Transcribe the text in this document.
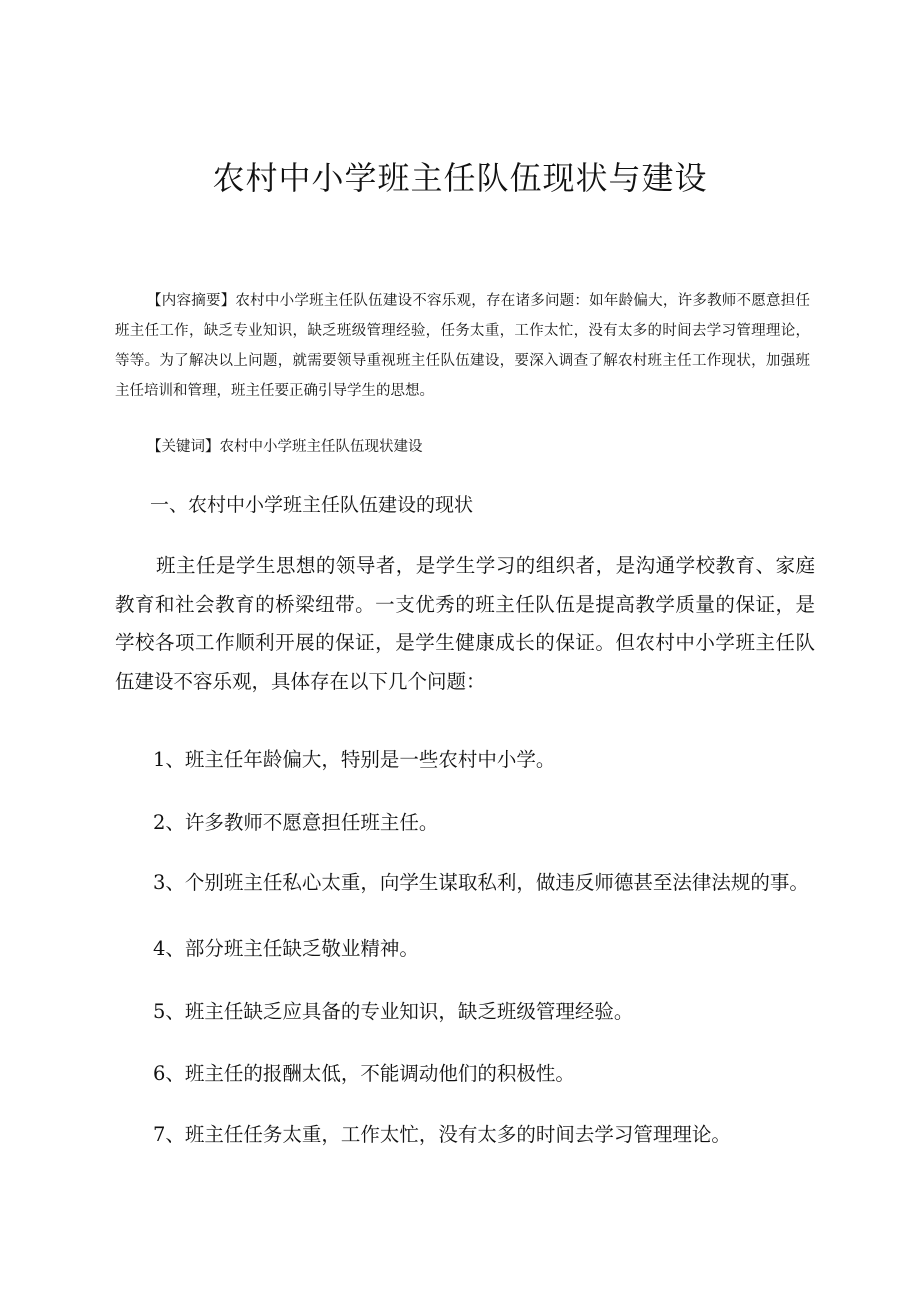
农村中小学班主任队伍现状与建设

【内容摘要】农村中小学班主任队伍建设不容乐观，存在诸多问题：如年龄偏大，许多教师不愿意担任班主任工作，缺乏专业知识，缺乏班级管理经验，任务太重，工作太忙，没有太多的时间去学习管理理论，等等。为了解决以上问题，就需要领导重视班主任队伍建设，要深入调查了解农村班主任工作现状，加强班主任培训和管理，班主任要正确引导学生的思想。

【关键词】农村中小学班主任队伍现状建设

一、农村中小学班主任队伍建设的现状

班主任是学生思想的领导者，是学生学习的组织者，是沟通学校教育、家庭教育和社会教育的桥梁纽带。一支优秀的班主任队伍是提高教学质量的保证，是学校各项工作顺利开展的保证，是学生健康成长的保证。但农村中小学班主任队伍建设不容乐观，具体存在以下几个问题：

1、班主任年龄偏大，特别是一些农村中小学。

2、许多教师不愿意担任班主任。

3、个别班主任私心太重，向学生谋取私利，做违反师德甚至法律法规的事。

4、部分班主任缺乏敬业精神。

5、班主任缺乏应具备的专业知识，缺乏班级管理经验。

6、班主任的报酬太低，不能调动他们的积极性。

7、班主任任务太重，工作太忙，没有太多的时间去学习管理理论。
